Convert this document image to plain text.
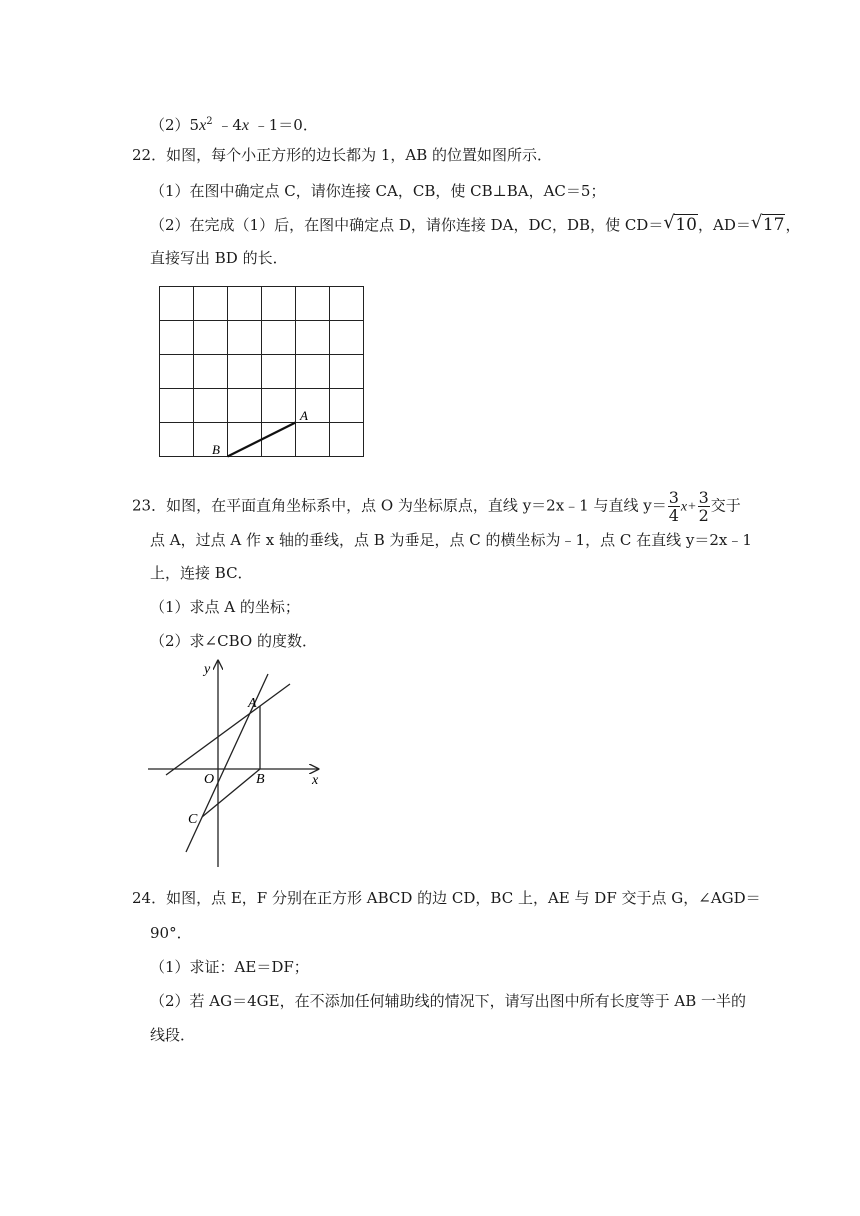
$(2)5x^2$ ﹣4x ﹣1＝0．
22．如图，每个小正方形的边长都为 1，AB 的位置如图所示．
（1）在图中确定点 C，请你连接 CA，CB，使 CB⊥BA，AC＝5；
（2）在完成（1）后，在图中确定点 D，请你连接 DA，DC，DB，使 CD＝ √ 10，AD＝ √ 17，
直接写出 BD 的长．
A
B
23．如图，在平面直角坐标系中，点 O 为坐标原点，直线 y＝2x﹣1 与直线 $y= \frac{3}{4} x+ \frac{3}{2}$ 交于
点 A，过点 A 作 x 轴的垂线，点 B 为垂足，点 C 的横坐标为﹣1，点 C 在直线 y＝2x﹣1
上，连接 BC．
（1）求点 A 的坐标；
（2）求∠CBO 的度数．
y
x
A
O	B
C
24．如图，点 E，F 分别在正方形 ABCD 的边 CD，BC 上，AE 与 DF 交于点 G，∠AGD＝
90°．
（1）求证：AE＝DF；
（2）若 AG＝4GE，在不添加任何辅助线的情况下，请写出图中所有长度等于 AB 一半的
线段．
